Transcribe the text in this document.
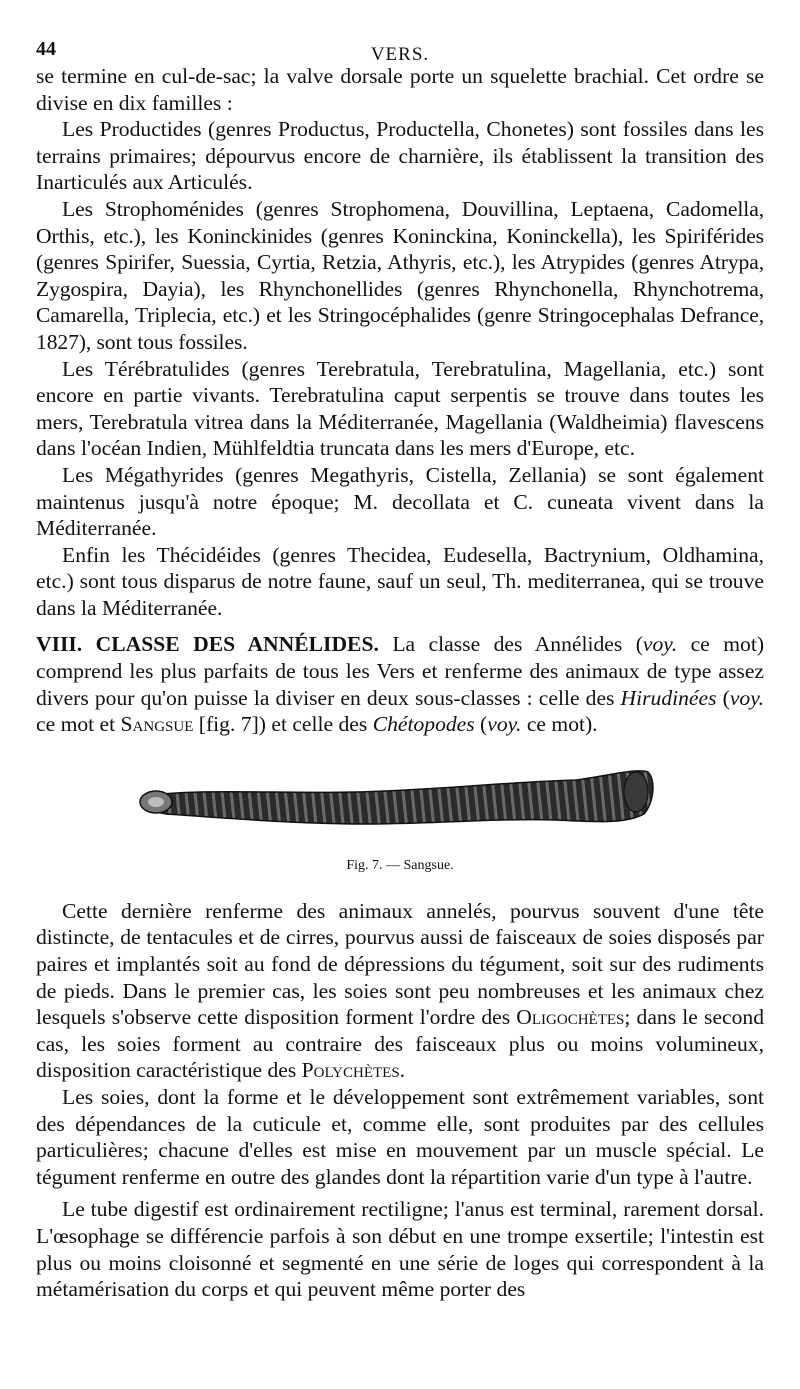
44	VERS.

se termine en cul-de-sac; la valve dorsale porte un squelette brachial. Cet ordre se divise en dix familles :

Les Productides (genres Productus, Productella, Chonetes) sont fossiles dans les terrains primaires; dépourvus encore de charnière, ils établissent la transition des Inarticulés aux Articulés.

Les Strophoménides (genres Strophomena, Douvillina, Leptaena, Cadomella, Orthis, etc.), les Koninckinides (genres Koninckina, Koninckella), les Spiriférides (genres Spirifer, Suessia, Cyrtia, Retzia, Athyris, etc.), les Atrypides (genres Atrypa, Zygospira, Dayia), les Rhynchonellides (genres Rhynchonella, Rhynchotrema, Camarella, Triplecia, etc.) et les Stringocéphalides (genre Stringocephalas Defrance, 1827), sont tous fossiles.

Les Térébratulides (genres Terebratula, Terebratulina, Magellania, etc.) sont encore en partie vivants. Terebratulina caput serpentis se trouve dans toutes les mers, Terebratula vitrea dans la Méditerranée, Magellania (Waldheimia) flavescens dans l'océan Indien, Mühlfeldtia truncata dans les mers d'Europe, etc.

Les Mégathyrides (genres Megathyris, Cistella, Zellania) se sont également maintenus jusqu'à notre époque; M. decollata et C. cuneata vivent dans la Méditerranée.

Enfin les Thécidéides (genres Thecidea, Eudesella, Bactrynium, Oldhamina, etc.) sont tous disparus de notre faune, sauf un seul, Th. mediterranea, qui se trouve dans la Méditerranée.

VIII. CLASSE DES ANNÉLIDES. La classe des Annélides (voy. ce mot) comprend les plus parfaits de tous les Vers et renferme des animaux de type assez divers pour qu'on puisse la diviser en deux sous-classes : celle des Hirudinées (voy. ce mot et Sangsue [fig. 7]) et celle des Chétopodes (voy. ce mot).

Fig. 7. — Sangsue.

Cette dernière renferme des animaux annelés, pourvus souvent d'une tête distincte, de tentacules et de cirres, pourvus aussi de faisceaux de soies disposés par paires et implantés soit au fond de dépressions du tégument, soit sur des rudiments de pieds. Dans le premier cas, les soies sont peu nombreuses et les animaux chez lesquels s'observe cette disposition forment l'ordre des Oligochètes; dans le second cas, les soies forment au contraire des faisceaux plus ou moins volumineux, disposition caractéristique des Polychètes.

Les soies, dont la forme et le développement sont extrêmement variables, sont des dépendances de la cuticule et, comme elle, sont produites par des cellules particulières; chacune d'elles est mise en mouvement par un muscle spécial. Le tégument renferme en outre des glandes dont la répartition varie d'un type à l'autre.

Le tube digestif est ordinairement rectiligne; l'anus est terminal, rarement dorsal. L'œsophage se différencie parfois à son début en une trompe exsertile; l'intestin est plus ou moins cloisonné et segmenté en une série de loges qui correspondent à la métamérisation du corps et qui peuvent même porter des
